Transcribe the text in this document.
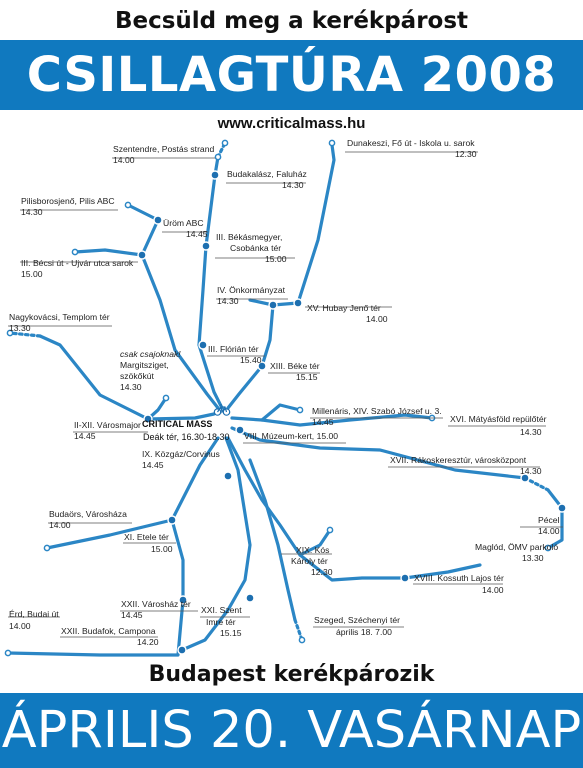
Becsüld meg a kerékpárost
CSILLAGTÚRA 2008
www.criticalmass.hu
Szentendre, Postás strand 14.00
Budakalász, Faluház 14.30
Dunakeszi, Fő út - Iskola u. sarok 12.30
Pilisborosjenő, Pilis ABC 14.30
Üröm ABC 14.45 III. Békásmegyer, Csobánka tér 15.00
III. Bécsi út - Ujvár utca sarok 15.00
IV. Önkormányzat 14.30
XV. Hubay Jenő tér 14.00
Nagykovácsi, Templom tér 13.30
csak csajoknak! Margitsziget, szökőkút 14.30
III. Flórián tér 15.40
XIII. Béke tér 15.15
II-XII. Városmajor 14.45
Millenáris, XIV. Szabó József u. 3. 14.45	XVI. Mátyásföld repülőtér 14.30
VIII. Múzeum-kert, 15.00
IX. Közgáz/Corvinus 14.45	XVII. Rákoskeresztúr, városközpont 14.30
Budaörs, Városháza 14.00
XI. Etele tér 15.00
Pécel 14.00
Maglód, ÖMV parkoló 13.30
XIX. Kós Károly tér 12.30
XVIII. Kossuth Lajos tér 14.00
Érd, Budai út 14.00
XXII. Városház tér 14.45	XXI. Szent Imre tér 15.15
XXII. Budafok, Campona 14.20
Szeged, Széchenyi tér április 18. 7.00
CRITICAL MASS
Deák tér, 16.30-18.30
Budapest kerékpározik
ÁPRILIS 20. VASÁRNAP
